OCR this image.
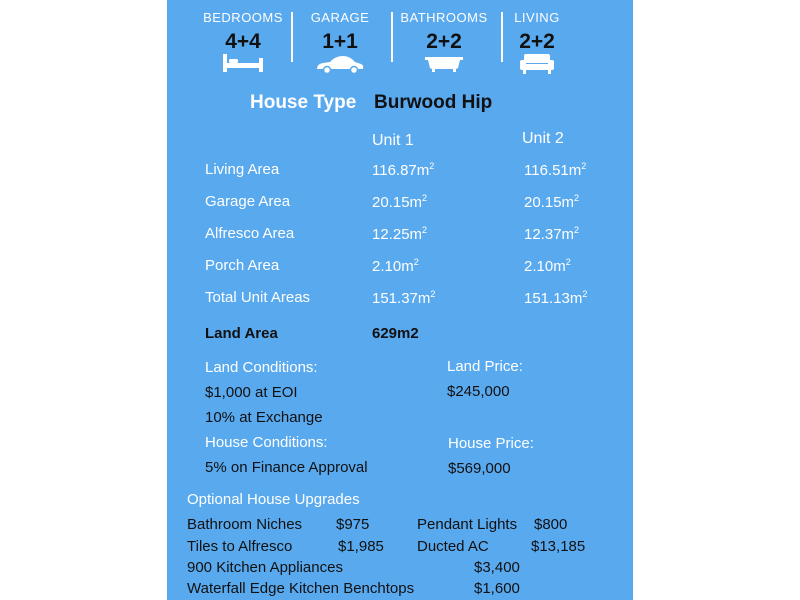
BEDROOMS
4+4
GARAGE
1+1
BATHROOMS
2+2
LIVING
2+2
House Type Burwood Hip
Unit 1	Unit 2
Living Area	$116.87m^2$	$116.51m^2$
Garage Area	$20.15m^2$	$20.15m^2$
Alfresco Area	$12.25m^2$	$12.37m^2$
Porch Area	$2.10m^2$	$2.10m^2$
Total Unit Areas	$151.37m^2$	$151.13m^2$
Land Area	629m2
Land Conditions:
$1,000 at EOI
10% at Exchange
Land Price:
$245,000
House Conditions:
5% on Finance Approval
House Price:
$569,000
Optional House Upgrades
Bathroom Niches $975	Pendant Lights $800
Tiles to Alfresco	$1,985 Ducted AC	$13,185
900 Kitchen Appliances	$3,400
Waterfall Edge Kitchen Benchtops	$1,600
